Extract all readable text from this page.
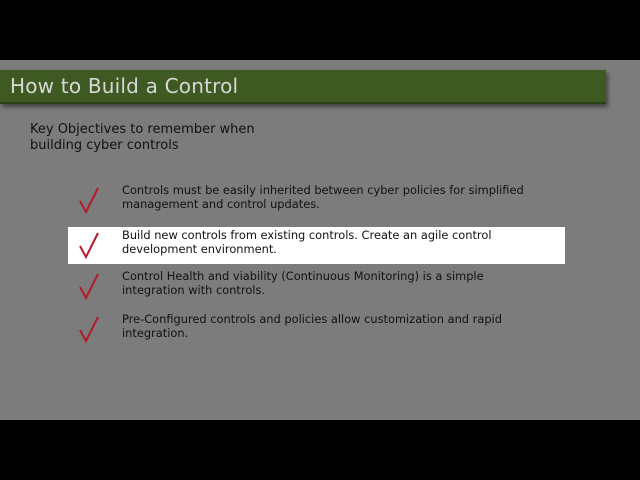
How to Build a Control
Key Objectives to remember when
building cyber controls
Controls must be easily inherited between cyber policies for simplified
management and control updates.
Build new controls from existing controls. Create an agile control
development environment.
Control Health and viability (Continuous Monitoring) is a simple
integration with controls.
Pre-Configured controls and policies allow customization and rapid
integration.
